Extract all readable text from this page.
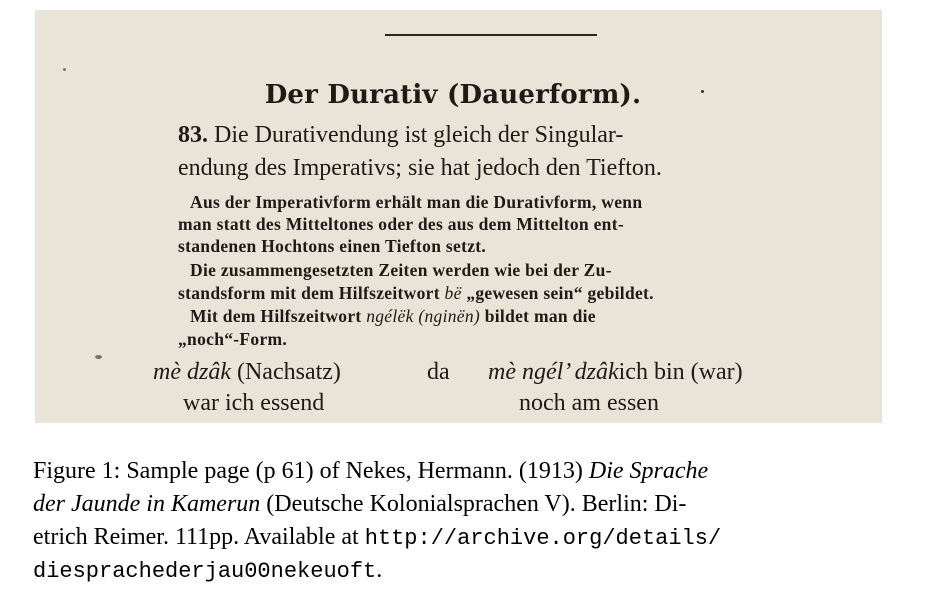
Der Durativ (Dauerform).
83. Die Durativendung ist gleich der Singular-
endung des Imperativs; sie hat jedoch den Tiefton.
Aus der Imperativform erhält man die Durativform, wenn
man statt des Mitteltones oder des aus dem Mittelton ent-
standenen Hochtons einen Tiefton setzt.
Die zusammengesetzten Zeiten werden wie bei der Zu-
standsform mit dem Hilfszeitwort bë „gewesen sein“ gebildet.
Mit dem Hilfszeitwort ngélëk (nginën) bildet man die
„noch“-Form.
mè dzâk (Nachsatz)	da mè ngél’ dzâkich bin (war)
war ich essend	noch am essen
Figure 1: Sample page (p 61) of Nekes, Hermann. (1913) Die Sprache
der Jaunde in Kamerun (Deutsche Kolonialsprachen V). Berlin: Di-
etrich Reimer. 111pp. Available at http://archive.org/details/
diesprachederjau00nekeuoft.
